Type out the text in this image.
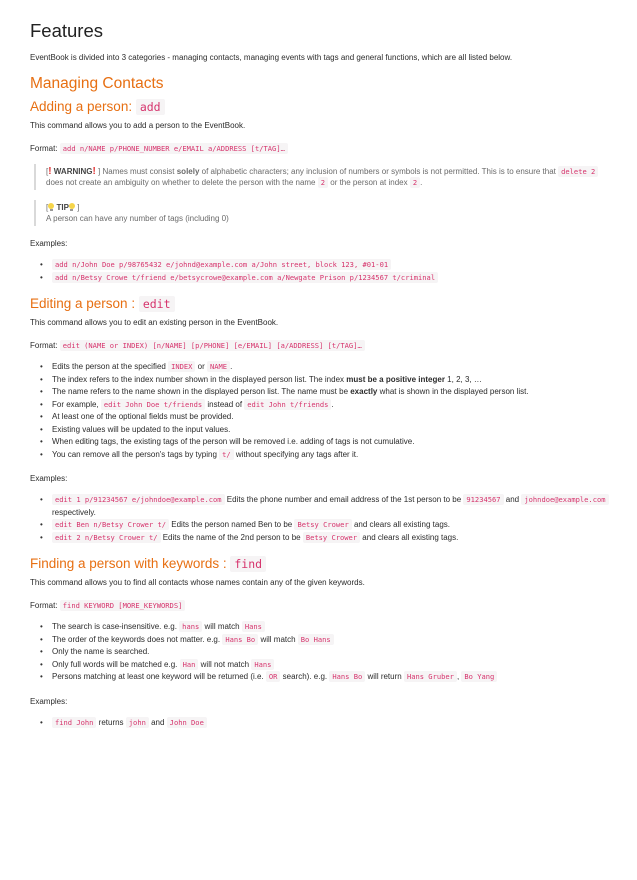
Features

EventBook is divided into 3 categories - managing contacts, managing events with tags and general functions, which are all listed below.

Managing Contacts
Adding a person: add

This command allows you to add a person to the EventBook.

Format: add n/NAME p/PHONE_NUMBER e/EMAIL a/ADDRESS [t/TAG]…

[! WARNING! ] Names must consist solely of alphabetic characters; any inclusion of numbers or symbols is not permitted. This is to ensure that delete 2 does not create an ambiguity on whether to delete the person with the name 2 or the person at index 2 .

[ TIP ]

A person can have any number of tags (including 0)

Examples:

• add n/John Doe p/98765432 e/johnd@example.com a/John street, block 123, #01-01
• add n/Betsy Crowe t/friend e/betsycrowe@example.com a/Newgate Prison p/1234567 t/criminal
Editing a person : edit

This command allows you to edit an existing person in the EventBook.

Format: edit (NAME or INDEX) [n/NAME] [p/PHONE] [e/EMAIL] [a/ADDRESS] [t/TAG]…

• Edits the person at the specified INDEX or NAME .
• The index refers to the index number shown in the displayed person list. The index must be a positive integer 1, 2, 3, …
• The name refers to the name shown in the displayed person list. The name must be exactly what is shown in the displayed person list.
• For example, edit John Doe t/friends instead of edit John t/friends .
• At least one of the optional fields must be provided.
• Existing values will be updated to the input values.
• When editing tags, the existing tags of the person will be removed i.e. adding of tags is not cumulative.
• You can remove all the person's tags by typing t/ without specifying any tags after it.

Examples:

• edit 1 p/91234567 e/johndoe@example.com Edits the phone number and email address of the 1st person to be 91234567 and johndoe@example.com respectively.
• edit Ben n/Betsy Crower t/ Edits the person named Ben to be Betsy Crower and clears all existing tags.
• edit 2 n/Betsy Crower t/ Edits the name of the 2nd person to be Betsy Crower and clears all existing tags.
Finding a person with keywords : find

This command allows you to find all contacts whose names contain any of the given keywords.

Format: find KEYWORD [MORE_KEYWORDS]

• The search is case-insensitive. e.g. hans will match Hans
• The order of the keywords does not matter. e.g. Hans Bo will match Bo Hans
• Only the name is searched.
• Only full words will be matched e.g. Han will not match Hans
• Persons matching at least one keyword will be returned (i.e. OR search). e.g. Hans Bo will return Hans Gruber , Bo Yang

Examples:

• find John returns john and John Doe
